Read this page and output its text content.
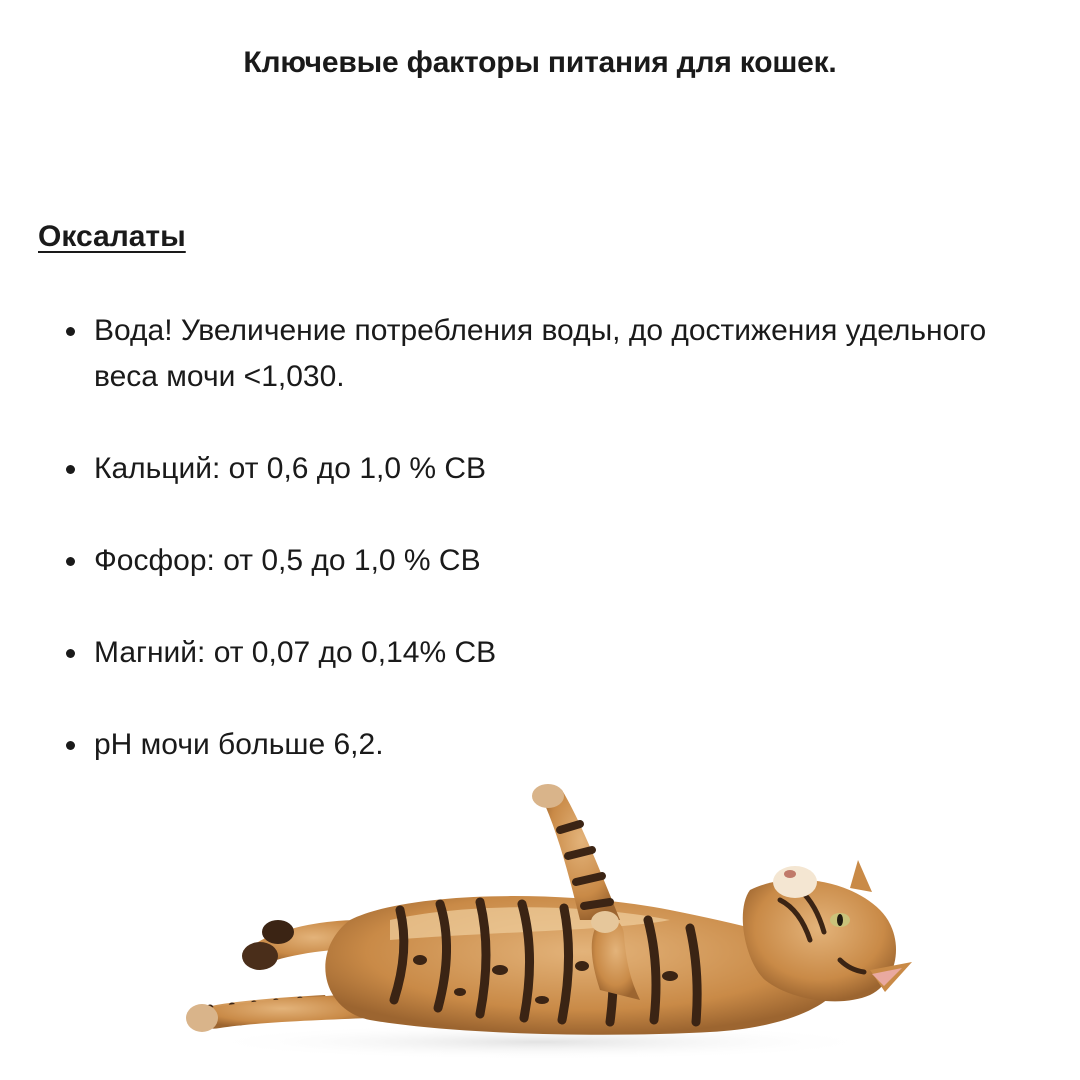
Ключевые факторы питания для кошек.
Оксалаты
Вода! Увеличение потребления воды, до достижения удельного веса мочи <1,030.
Кальций: от 0,6 до 1,0 % СВ
Фосфор: от 0,5 до 1,0 % СВ
Магний: от 0,07 до 0,14% СВ
рН мочи больше 6,2.
